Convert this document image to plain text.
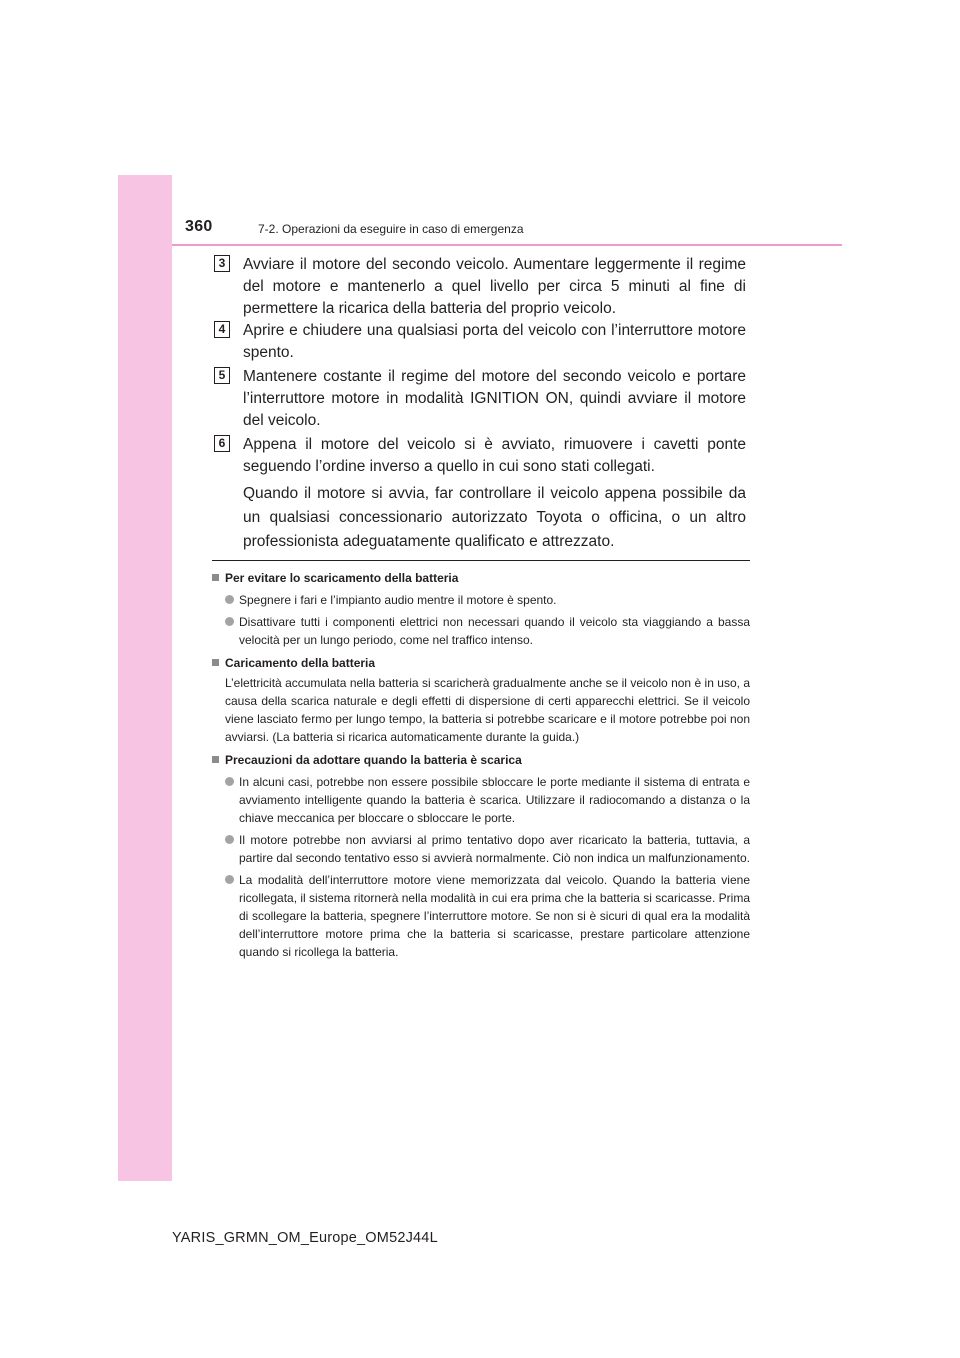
360	7-2. Operazioni da eseguire in caso di emergenza
3	Avviare il motore del secondo veicolo. Aumentare leggermente il regime del motore e mantenerlo a quel livello per circa 5 minuti al fine di permettere la ricarica della batteria del proprio veicolo.
4	Aprire e chiudere una qualsiasi porta del veicolo con l’interruttore motore spento.
5	Mantenere costante il regime del motore del secondo veicolo e portare l’interruttore motore in modalità IGNITION ON, quindi avviare il motore del veicolo.
6	Appena il motore del veicolo si è avviato, rimuovere i cavetti ponte seguendo l’ordine inverso a quello in cui sono stati collegati.
Quando il motore si avvia, far controllare il veicolo appena possibile da un qualsiasi concessionario autorizzato Toyota o officina, o un altro professionista adeguatamente qualificato e attrezzato.
Per evitare lo scaricamento della batteria
Spegnere i fari e l’impianto audio mentre il motore è spento.
Disattivare tutti i componenti elettrici non necessari quando il veicolo sta viaggiando a bassa velocità per un lungo periodo, come nel traffico intenso.
Caricamento della batteria
L’elettricità accumulata nella batteria si scaricherà gradualmente anche se il veicolo non è in uso, a causa della scarica naturale e degli effetti di dispersione di certi apparecchi elettrici. Se il veicolo viene lasciato fermo per lungo tempo, la batteria si potrebbe scaricare e il motore potrebbe poi non avviarsi. (La batteria si ricarica automaticamente durante la guida.)
Precauzioni da adottare quando la batteria è scarica
In alcuni casi, potrebbe non essere possibile sbloccare le porte mediante il sistema di entrata e avviamento intelligente quando la batteria è scarica. Utilizzare il radiocomando a distanza o la chiave meccanica per bloccare o sbloccare le porte.
Il motore potrebbe non avviarsi al primo tentativo dopo aver ricaricato la batteria, tuttavia, a partire dal secondo tentativo esso si avvierà normalmente. Ciò non indica un malfunzionamento.
La modalità dell’interruttore motore viene memorizzata dal veicolo. Quando la batteria viene ricollegata, il sistema ritornerà nella modalità in cui era prima che la batteria si scaricasse. Prima di scollegare la batteria, spegnere l’interruttore motore. Se non si è sicuri di qual era la modalità dell’interruttore motore prima che la batteria si scaricasse, prestare particolare attenzione quando si ricollega la batteria.
YARIS_GRMN_OM_Europe_OM52J44L
